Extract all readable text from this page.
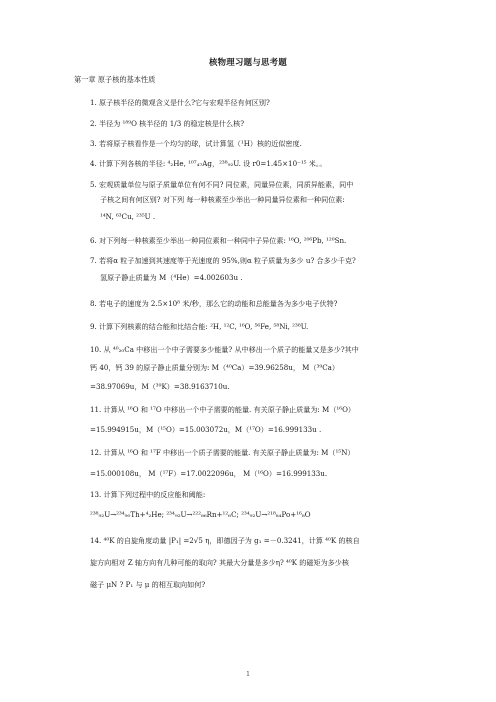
核物理习题与思考题
第一章 原子核的基本性质
1. 原子核半径的微观含义是什么?它与宏观半径有何区别?
2. 半径为 ¹⁸⁹O 核半径的 1/3 的稳定核是什么核?
3. 若将原子核看作是一个均匀的球，试计算氢（¹H）核的近似密度.
4. 计算下列各核的半径: ⁴₂He, ¹⁰⁷₄₇Ag，²³⁸₉₂U. 设 r0=1.45×10⁻¹⁵ 米。。
5. 宏观质量单位与原子质量单位有何不同? 同位素，同量异位素，同质异能素，同中
子核之间有何区别? 对下列 每一种核素至少举出一种同量异位素和一种同位素:
¹⁴N, ⁶³Cu, ²³⁵U .
6. 对下列每一种核素至少举出一种同位素和一种同中子异位素: ¹⁶O, ²⁰⁶Pb, ¹²⁰Sn.
7. 若将α 粒子加速到其速度等于光速度的 95%,则α 粒子质量为多少 u? 合多少千克?
氢原子静止质量为 M（⁴He）=4.002603u .
8. 若电子的速度为 2.5×10⁸ 米/秒，那么它的动能和总能量各为多少电子伏特?
9. 计算下列核素的结合能和比结合能: ²H, ¹²C, ¹⁶O, ⁵⁶Fe, ⁵⁸Ni, ²³⁸U.
10. 从 ⁴⁰₂₀Ca 中移出一个中子需要多少能量? 从中移出一个质子的能量又是多少?其中
钙 40，钙 39 的原子静止质量分别为: M（⁴⁰Ca）=39.96258u， M（³⁹Ca）
=38.97069u，M（³⁹K）=38.9163710u.
11. 计算从 ¹⁶O 和 ¹⁷O 中移出一个中子需要的能量. 有关原子静止质量为: M（¹⁶O）
=15.994915u，M（¹⁵O）=15.003072u，M（¹⁷O）=16.999133u .
12. 计算从 ¹⁶O 和 ¹⁷F 中移出一个质子需要的能量. 有关原子静止质量为: M（¹⁵N）
=15.000108u， M（¹⁷F）=17.0022096u， M（¹⁶O）=16.999133u.
13. 计算下列过程中的反应能和阈能:
²³⁸₉₂U→²³⁴₉₀Th+⁴₂He; ²³⁴₉₂U→²²²₈₆Rn+¹²₆C; ²³⁴₉₂U→²¹⁸₈₄Po+¹⁶₈O
14. ⁴⁰K 的自旋角度动量 |P₁| =2√5 η，即德因子为 g₁ =－0.3241，计算 ⁴⁰K 的核自
旋方向相对 Z 轴方向有几种可能的取向? 其最大分量是多少η? ⁴⁰K 的磁矩为多少核
磁子 μN ? P₁ 与 μ 的相互取向如何?
1
